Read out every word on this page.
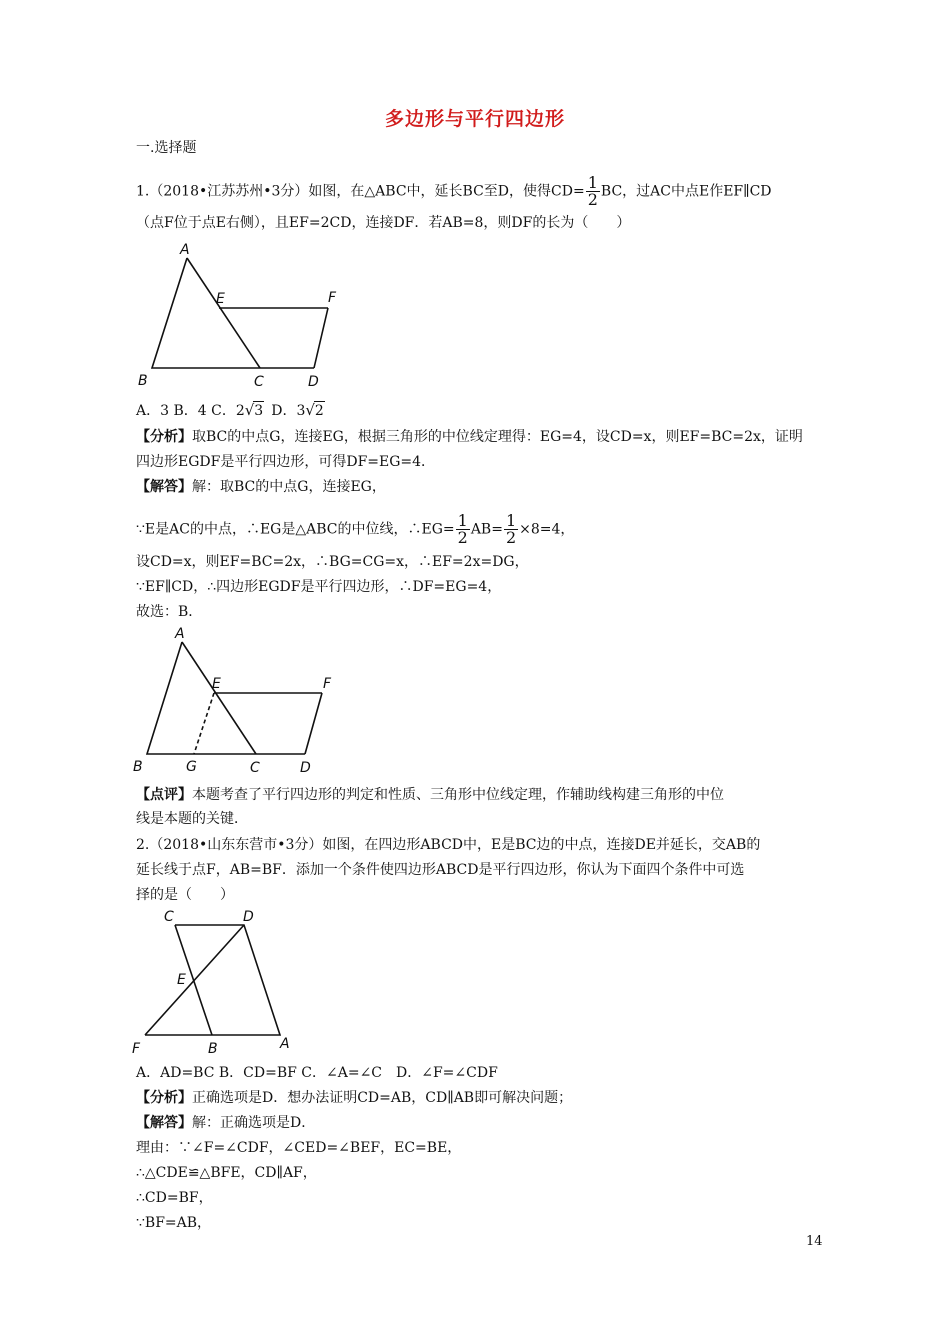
多边形与平行四边形
一.选择题
1.（2018•江苏苏州•3分）如图，在△ABC中，延长BC至D，使得$CD= \frac{1}{2}$ BC，过AC中点E作EF∥CD
（点F位于点E右侧），且EF=2CD，连接DF．若AB=8，则DF的长为（　　）
A
B	C	D
E	F
A．3 B．4 C．2√3  D．3√2
【分析】取BC的中点G，连接EG，根据三角形的中位线定理得：EG=4，设CD=x，则EF=BC=2x，证明
四边形EGDF是平行四边形，可得DF=EG=4．
【解答】解：取BC的中点G，连接EG，
∵E是AC的中点，∴EG是△ABC的中位线，∴EG= $\frac{1}{2} AB= \frac{1}{2} \times 8=4$，
设CD=x，则EF=BC=2x，∴BG=CG=x，∴EF=2x=DG，
∵EF∥CD，∴四边形EGDF是平行四边形，∴DF=EG=4，
故选：B．
A
B	G	C	D
E	F
【点评】本题考查了平行四边形的判定和性质、三角形中位线定理，作辅助线构建三角形的中位
线是本题的关键．
2.（2018•山东东营市•3分）如图，在四边形ABCD中，E是BC边的中点，连接DE并延长，交AB的
延长线于点F，AB=BF．添加一个条件使四边形ABCD是平行四边形，你认为下面四个条件中可选
择的是（　　）
C	D
E
F	B	A
A．AD=BC B．CD=BF C．∠A=∠C　D．∠F=∠CDF
【分析】正确选项是D．想办法证明CD=AB，CD∥AB即可解决问题；
【解答】解：正确选项是D．
理由：∵∠F=∠CDF，∠CED=∠BEF，EC=BE，
∴△CDE≌△BFE，CD∥AF，
∴CD=BF，
∵BF=AB，
14
